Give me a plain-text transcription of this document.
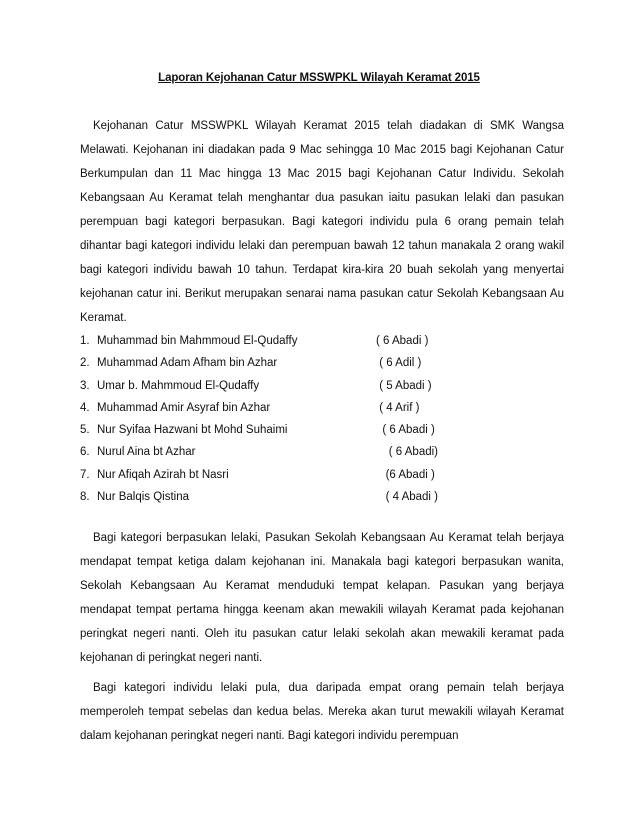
Laporan Kejohanan Catur MSSWPKL Wilayah Keramat 2015

Kejohanan Catur MSSWPKL Wilayah Keramat 2015 telah diadakan di SMK Wangsa Melawati. Kejohanan ini diadakan pada 9 Mac sehingga 10 Mac 2015 bagi Kejohanan Catur Berkumpulan dan 11 Mac hingga 13 Mac 2015 bagi Kejohanan Catur Individu. Sekolah Kebangsaan Au Keramat telah menghantar dua pasukan iaitu pasukan lelaki dan pasukan perempuan bagi kategori berpasukan. Bagi kategori individu pula 6 orang pemain telah dihantar bagi kategori individu lelaki dan perempuan bawah 12 tahun manakala 2 orang wakil bagi kategori individu bawah 10 tahun. Terdapat kira-kira 20 buah sekolah yang menyertai kejohanan catur ini. Berikut merupakan senarai nama pasukan catur Sekolah Kebangsaan Au Keramat.

1. Muhammad bin Mahmmoud El-Qudaffy	( 6 Abadi )
2. Muhammad Adam Afham bin Azhar	( 6 Adil )
3. Umar b. Mahmmoud El-Qudaffy	( 5 Abadi )
4. Muhammad Amir Asyraf bin Azhar	( 4 Arif )
5. Nur Syifaa Hazwani bt Mohd Suhaimi	( 6 Abadi )
6. Nurul Aina bt Azhar	( 6 Abadi)
7. Nur Afiqah Azirah bt Nasri	(6 Abadi )
8. Nur Balqis Qistina	( 4 Abadi )

Bagi kategori berpasukan lelaki, Pasukan Sekolah Kebangsaan Au Keramat telah berjaya mendapat tempat ketiga dalam kejohanan ini. Manakala bagi kategori berpasukan wanita, Sekolah Kebangsaan Au Keramat menduduki tempat kelapan. Pasukan yang berjaya mendapat tempat pertama hingga keenam akan mewakili wilayah Keramat pada kejohanan peringkat negeri nanti. Oleh itu pasukan catur lelaki sekolah akan mewakili keramat pada kejohanan di peringkat negeri nanti.

Bagi kategori individu lelaki pula, dua daripada empat orang pemain telah berjaya memperoleh tempat sebelas dan kedua belas. Mereka akan turut mewakili wilayah Keramat dalam kejohanan peringkat negeri nanti. Bagi kategori individu perempuan
